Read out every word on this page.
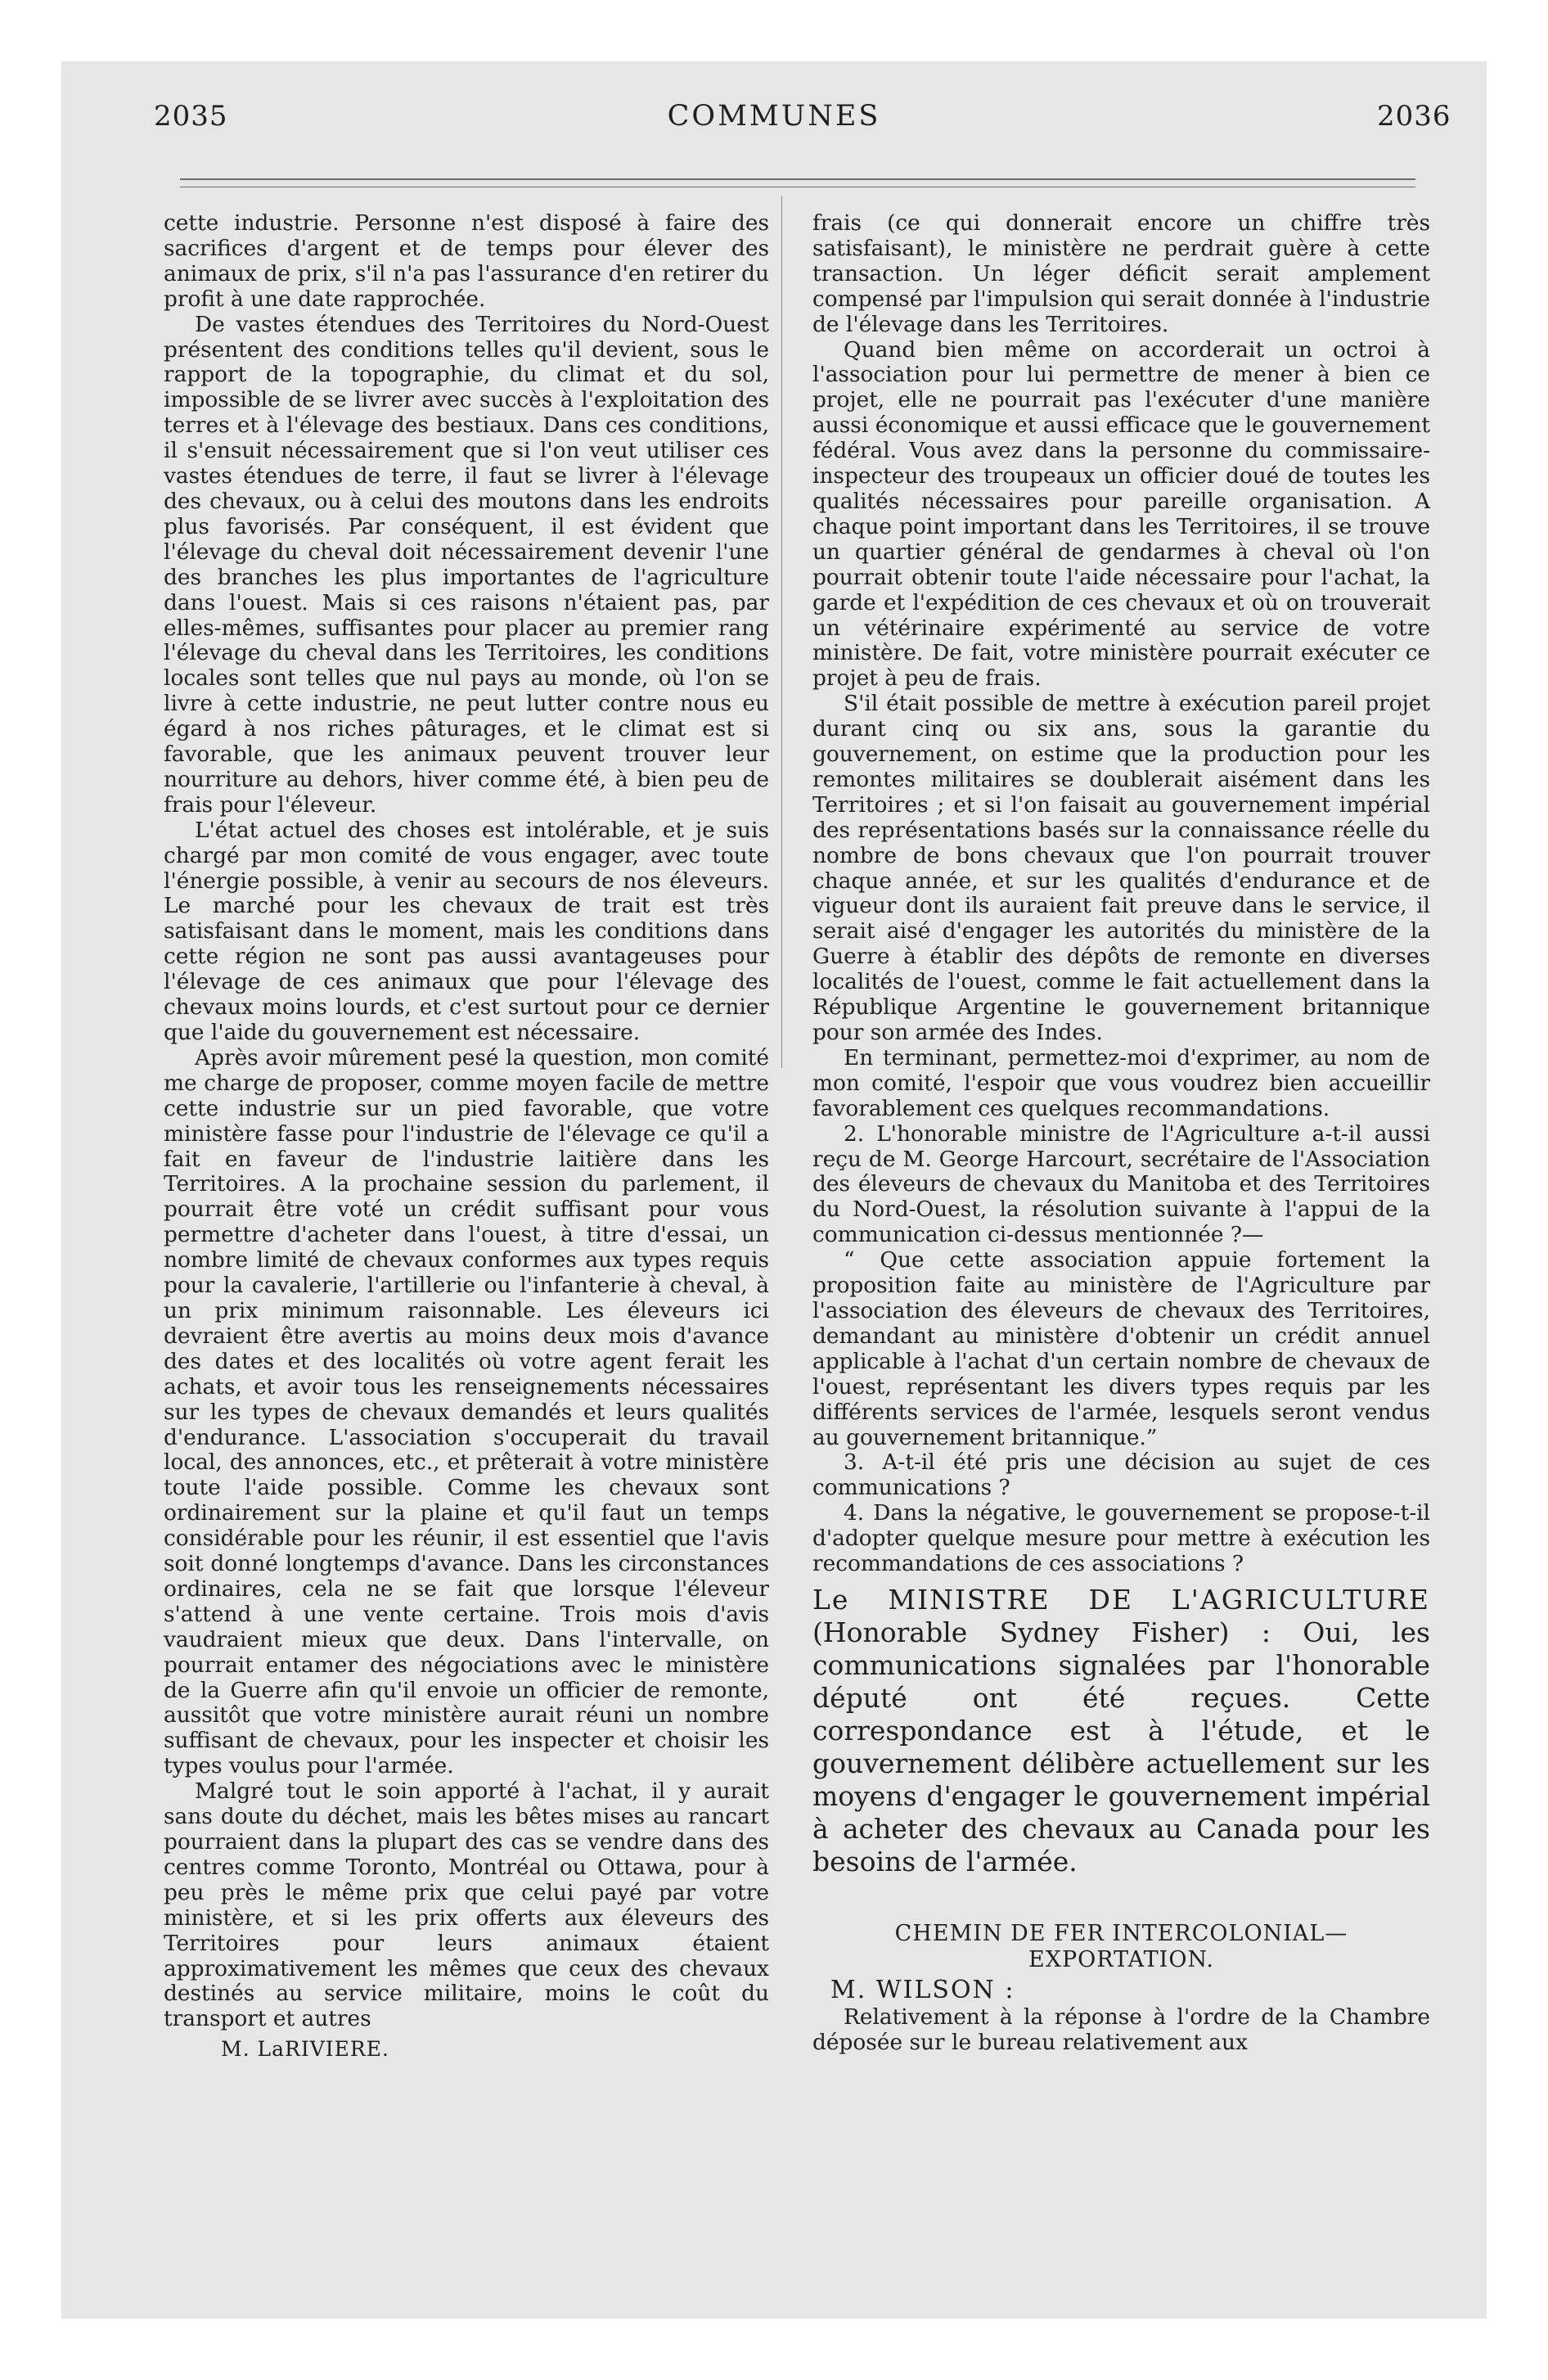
2035	COMMUNES	2036

cette industrie. Personne n'est disposé à faire des sacrifices d'argent et de temps pour élever des animaux de prix, s'il n'a pas l'assurance d'en retirer du profit à une date rapprochée.

De vastes étendues des Territoires du Nord-Ouest présentent des conditions telles qu'il devient, sous le rapport de la topographie, du climat et du sol, impossible de se livrer avec succès à l'exploitation des terres et à l'élevage des bestiaux. Dans ces conditions, il s'ensuit nécessairement que si l'on veut utiliser ces vastes étendues de terre, il faut se livrer à l'élevage des chevaux, ou à celui des moutons dans les endroits plus favorisés. Par conséquent, il est évident que l'élevage du cheval doit nécessairement devenir l'une des branches les plus importantes de l'agriculture dans l'ouest. Mais si ces raisons n'étaient pas, par elles-mêmes, suffisantes pour placer au premier rang l'élevage du cheval dans les Territoires, les conditions locales sont telles que nul pays au monde, où l'on se livre à cette industrie, ne peut lutter contre nous eu égard à nos riches pâturages, et le climat est si favorable, que les animaux peuvent trouver leur nourriture au dehors, hiver comme été, à bien peu de frais pour l'éleveur.

L'état actuel des choses est intolérable, et je suis chargé par mon comité de vous engager, avec toute l'énergie possible, à venir au secours de nos éleveurs. Le marché pour les chevaux de trait est très satisfaisant dans le moment, mais les conditions dans cette région ne sont pas aussi avantageuses pour l'élevage de ces animaux que pour l'élevage des chevaux moins lourds, et c'est surtout pour ce dernier que l'aide du gouvernement est nécessaire.

Après avoir mûrement pesé la question, mon comité me charge de proposer, comme moyen facile de mettre cette industrie sur un pied favorable, que votre ministère fasse pour l'industrie de l'élevage ce qu'il a fait en faveur de l'industrie laitière dans les Territoires. A la prochaine session du parlement, il pourrait être voté un crédit suffisant pour vous permettre d'acheter dans l'ouest, à titre d'essai, un nombre limité de chevaux conformes aux types requis pour la cavalerie, l'artillerie ou l'infanterie à cheval, à un prix minimum raisonnable. Les éleveurs ici devraient être avertis au moins deux mois d'avance des dates et des localités où votre agent ferait les achats, et avoir tous les renseignements nécessaires sur les types de chevaux demandés et leurs qualités d'endurance. L'association s'occuperait du travail local, des annonces, etc., et prêterait à votre ministère toute l'aide possible. Comme les chevaux sont ordinairement sur la plaine et qu'il faut un temps considérable pour les réunir, il est essentiel que l'avis soit donné longtemps d'avance. Dans les circonstances ordinaires, cela ne se fait que lorsque l'éleveur s'attend à une vente certaine. Trois mois d'avis vaudraient mieux que deux. Dans l'intervalle, on pourrait entamer des négociations avec le ministère de la Guerre afin qu'il envoie un officier de remonte, aussitôt que votre ministère aurait réuni un nombre suffisant de chevaux, pour les inspecter et choisir les types voulus pour l'armée.

Malgré tout le soin apporté à l'achat, il y aurait sans doute du déchet, mais les bêtes mises au rancart pourraient dans la plupart des cas se vendre dans des centres comme Toronto, Montréal ou Ottawa, pour à peu près le même prix que celui payé par votre ministère, et si les prix offerts aux éleveurs des Territoires pour leurs animaux étaient approximativement les mêmes que ceux des chevaux destinés au service militaire, moins le coût du transport et autres

M. LaRIVIERE.

frais (ce qui donnerait encore un chiffre très satisfaisant), le ministère ne perdrait guère à cette transaction. Un léger déficit serait amplement compensé par l'impulsion qui serait donnée à l'industrie de l'élevage dans les Territoires.

Quand bien même on accorderait un octroi à l'association pour lui permettre de mener à bien ce projet, elle ne pourrait pas l'exécuter d'une manière aussi économique et aussi efficace que le gouvernement fédéral. Vous avez dans la personne du commissaire-inspecteur des troupeaux un officier doué de toutes les qualités nécessaires pour pareille organisation. A chaque point important dans les Territoires, il se trouve un quartier général de gendarmes à cheval où l'on pourrait obtenir toute l'aide nécessaire pour l'achat, la garde et l'expédition de ces chevaux et où on trouverait un vétérinaire expérimenté au service de votre ministère. De fait, votre ministère pourrait exécuter ce projet à peu de frais.

S'il était possible de mettre à exécution pareil projet durant cinq ou six ans, sous la garantie du gouvernement, on estime que la production pour les remontes militaires se doublerait aisément dans les Territoires ; et si l'on faisait au gouvernement impérial des représentations basés sur la connaissance réelle du nombre de bons chevaux que l'on pourrait trouver chaque année, et sur les qualités d'endurance et de vigueur dont ils auraient fait preuve dans le service, il serait aisé d'engager les autorités du ministère de la Guerre à établir des dépôts de remonte en diverses localités de l'ouest, comme le fait actuellement dans la République Argentine le gouvernement britannique pour son armée des Indes.

En terminant, permettez-moi d'exprimer, au nom de mon comité, l'espoir que vous voudrez bien accueillir favorablement ces quelques recommandations.

2. L'honorable ministre de l'Agriculture a-t-il aussi reçu de M. George Harcourt, secrétaire de l'Association des éleveurs de chevaux du Manitoba et des Territoires du Nord-Ouest, la résolution suivante à l'appui de la communication ci-dessus mentionnée ?—

“ Que cette association appuie fortement la proposition faite au ministère de l'Agriculture par l'association des éleveurs de chevaux des Territoires, demandant au ministère d'obtenir un crédit annuel applicable à l'achat d'un certain nombre de chevaux de l'ouest, représentant les divers types requis par les différents services de l'armée, lesquels seront vendus au gouvernement britannique.”

3. A-t-il été pris une décision au sujet de ces communications ?

4. Dans la négative, le gouvernement se propose-t-il d'adopter quelque mesure pour mettre à exécution les recommandations de ces associations ?

Le MINISTRE DE L'AGRICULTURE (Honorable Sydney Fisher) : Oui, les communications signalées par l'honorable député ont été reçues. Cette correspondance est à l'étude, et le gouvernement délibère actuellement sur les moyens d'engager le gouvernement impérial à acheter des chevaux au Canada pour les besoins de l'armée.

CHEMIN DE FER INTERCOLONIAL—EXPORTATION.

M. WILSON :

Relativement à la réponse à l'ordre de la Chambre déposée sur le bureau relativement aux
